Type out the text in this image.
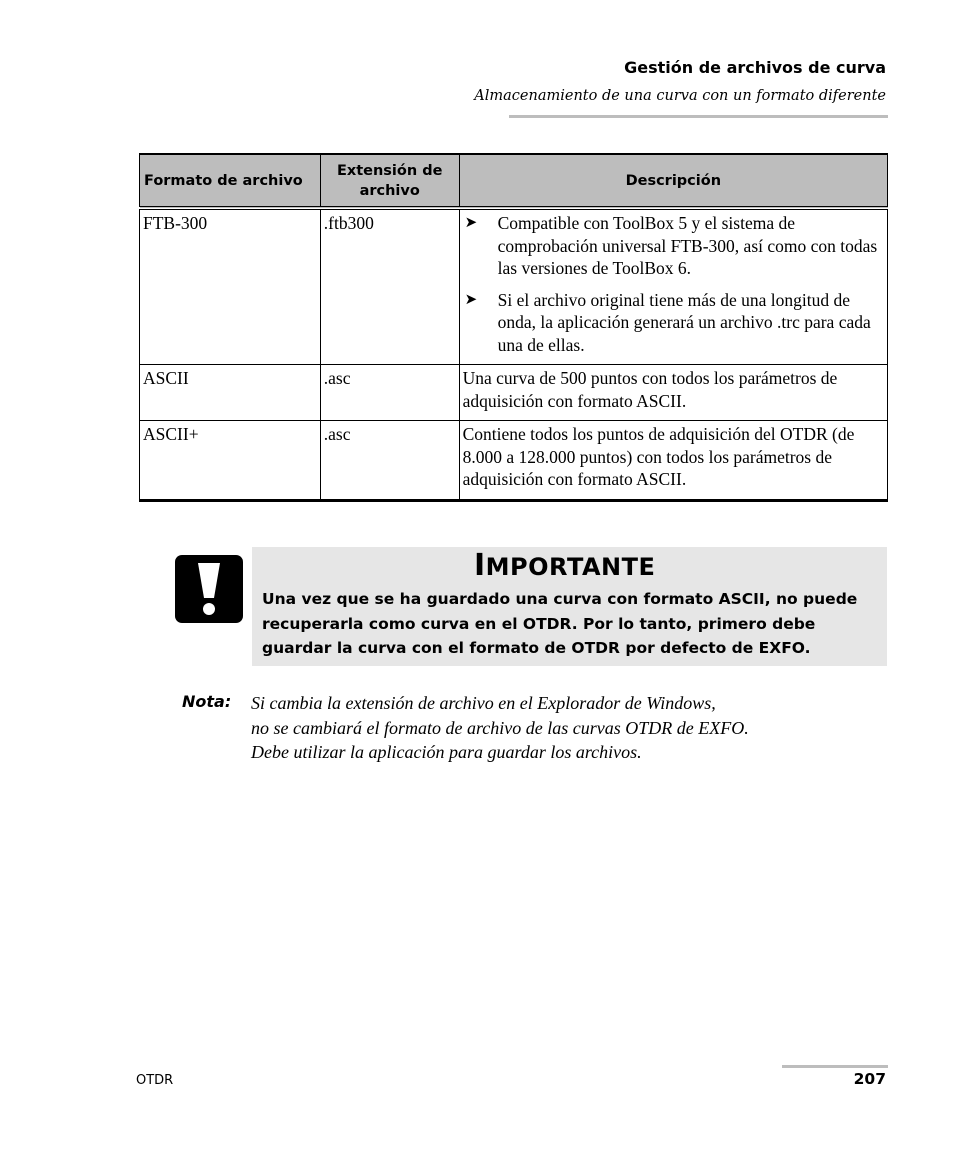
Gestión de archivos de curva
Almacenamiento de una curva con un formato diferente
Formato de archivo	Extensión de archivo	Descripción
FTB-300	.ftb300	➤ Compatible con ToolBox 5 y el sistema de comprobación universal FTB-300, así como con todas las versiones de ToolBox 6.
➤ Si el archivo original tiene más de una longitud de onda, la aplicación generará un archivo .trc para cada una de ellas.

ASCII	.asc	Una curva de 500 puntos con todos los parámetros de adquisición con formato ASCII.
ASCII+	.asc	Contiene todos los puntos de adquisición del OTDR (de 8.000 a 128.000 puntos) con todos los parámetros de adquisición con formato ASCII.
IMPORTANTE
Una vez que se ha guardado una curva con formato ASCII, no puede recuperarla como curva en el OTDR. Por lo tanto, primero debe guardar la curva con el formato de OTDR por defecto de EXFO.
Nota: Si cambia la extensión de archivo en el Explorador de Windows,
no se cambiará el formato de archivo de las curvas OTDR de EXFO.
Debe utilizar la aplicación para guardar los archivos.
OTDR	207
